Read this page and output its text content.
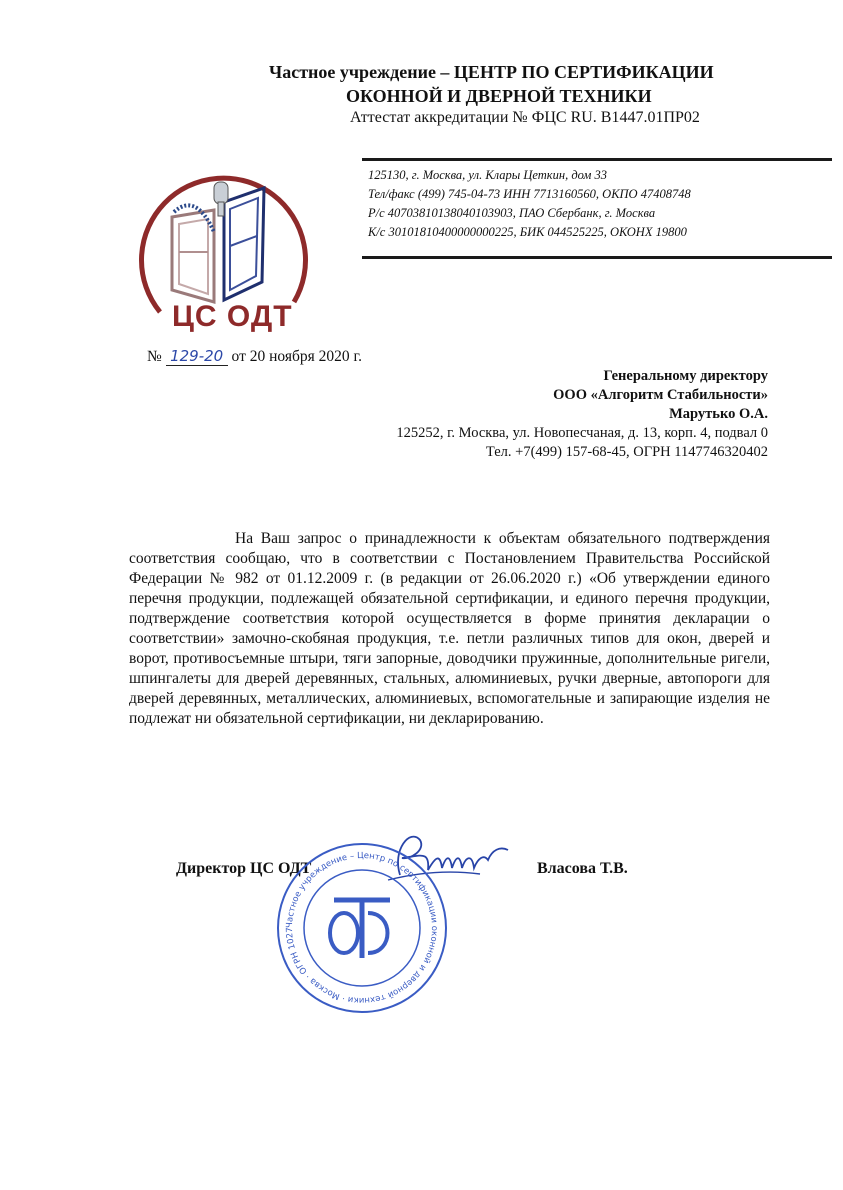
Частное учреждение – ЦЕНТР ПО СЕРТИФИКАЦИИ
ОКОННОЙ И ДВЕРНОЙ ТЕХНИКИ
Аттестат аккредитации № ФЦС RU. В1447.01ПР02
ЦС ОДТ
125130, г. Москва, ул. Клары Цеткин, дом 33
Тел/факс (499) 745-04-73 ИНН 7713160560, ОКПО 47408748
Р/с 40703810138040103903, ПАО Сбербанк, г. Москва
К/с 30101810400000000225, БИК 044525225, ОКОНХ 19800
№ 129-20 от 20 ноября 2020 г.
Генеральному директору
ООО «Алгоритм Стабильности»
Марутько О.А.
125252, г. Москва, ул. Новопесчаная, д. 13, корп. 4, подвал 0
Тел. +7(499) 157-68-45, ОГРН 1147746320402
На Ваш запрос о принадлежности к объектам обязательного подтверждения соответствия сообщаю, что в соответствии с Постановлением Правительства Российской Федерации № 982 от 01.12.2009 г. (в редакции от 26.06.2020 г.) «Об утверждении единого перечня продукции, подлежащей обязательной сертификации, и единого перечня продукции, подтверждение соответствия которой осуществляется в форме принятия декларации о соответствии» замочно-скобяная продукция, т.е. петли различных типов для окон, дверей и ворот, противосъемные штыри, тяги запорные, доводчики пружинные, дополнительные ригели, шпингалеты для дверей деревянных, стальных, алюминиевых, ручки дверные, автопороги для дверей деревянных, металлических, алюминиевых, вспомогательные и запирающие изделия не подлежат ни обязательной сертификации, ни декларированию.
Директор ЦС ОДТ	Власова Т.В.
Частное учреждение – Центр по сертификации оконной и дверной техники · Москва · ОГРН 1027
